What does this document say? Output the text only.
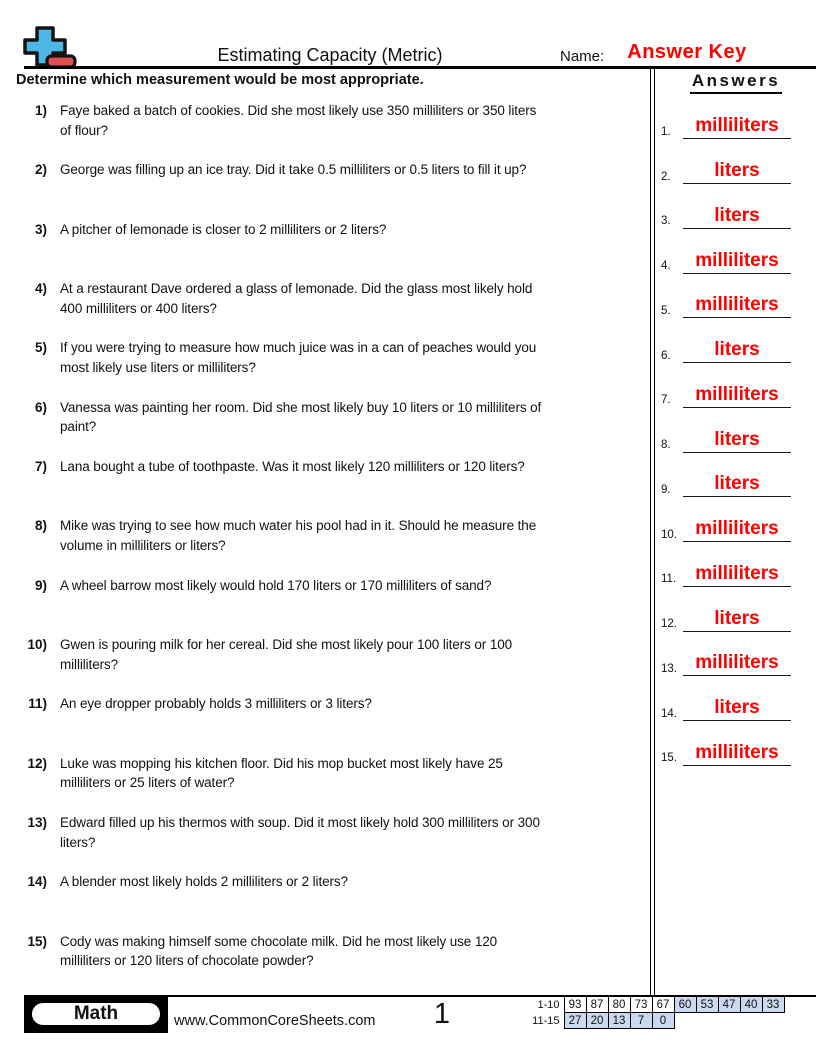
Estimating Capacity (Metric)	Name:	Answer Key
Determine which measurement would be most appropriate.	Answers
1) Faye baked a batch of cookies. Did she most likely use 350 milliliters or 350 liters
of flour?
2) George was filling up an ice tray. Did it take 0.5 milliliters or 0.5 liters to fill it up?
3) A pitcher of lemonade is closer to 2 milliliters or 2 liters?
4) At a restaurant Dave ordered a glass of lemonade. Did the glass most likely hold
400 milliliters or 400 liters?
5) If you were trying to measure how much juice was in a can of peaches would you
most likely use liters or milliliters?
6) Vanessa was painting her room. Did she most likely buy 10 liters or 10 milliliters of
paint?
7) Lana bought a tube of toothpaste. Was it most likely 120 milliliters or 120 liters?
8) Mike was trying to see how much water his pool had in it. Should he measure the
volume in milliliters or liters?
9) A wheel barrow most likely would hold 170 liters or 170 milliliters of sand?
10) Gwen is pouring milk for her cereal. Did she most likely pour 100 liters or 100
milliliters?
11) An eye dropper probably holds 3 milliliters or 3 liters?
12) Luke was mopping his kitchen floor. Did his mop bucket most likely have 25
milliliters or 25 liters of water?
13) Edward filled up his thermos with soup. Did it most likely hold 300 milliliters or 300
liters?
14) A blender most likely holds 2 milliliters or 2 liters?
15) Cody was making himself some chocolate milk. Did he most likely use 120
milliliters or 120 liters of chocolate powder?
1.	milliliters
2.	liters
3.	liters
4.	milliliters
5.	milliliters
6.	liters
7.	milliliters
8.	liters
9.	liters
10. milliliters
11.	milliliters
12.	liters
13. milliliters
14.	liters
15. milliliters
Math	www.CommonCoreSheets.com	1	1-10	93	87	80	73	67	60	53	47	40	33
11-15	27	20	13	7	0					
